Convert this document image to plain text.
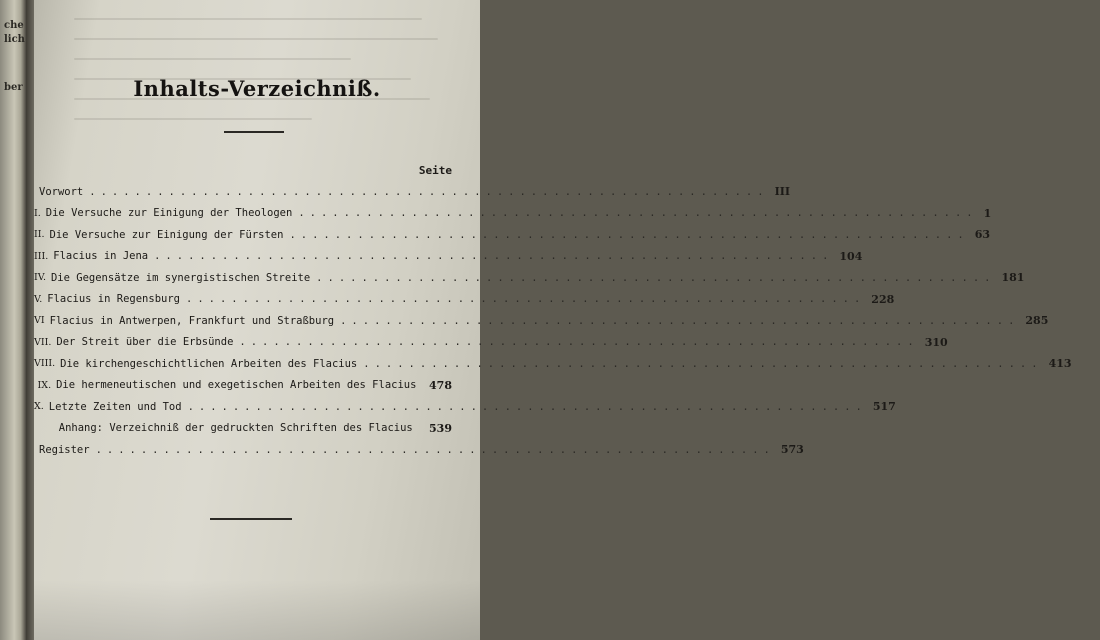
che
lich
ber	Inhalts-Verzeichniß.
Seite
Vorwort ............................................................ III
I. Die Versuche zur Einigung der Theologen ............................................................ 1
II. Die Versuche zur Einigung der Fürsten ............................................................ 63
III. Flacius in Jena ............................................................ 104
IV. Die Gegensätze im synergistischen Streite ............................................................ 181
V. Flacius in Regensburg ............................................................ 228
VI Flacius in Antwerpen, Frankfurt und Straßburg ............................................................ 285
VII. Der Streit über die Erbsünde ............................................................ 310
VIII. Die kirchengeschichtlichen Arbeiten des Flacius ............................................................ 413
IX. Die hermeneutischen und exegetischen Arbeiten des Flacius 478
X. Letzte Zeiten und Tod ............................................................ 517
Anhang: Verzeichniß der gedruckten Schriften des Flacius	539
Register ............................................................ 573
